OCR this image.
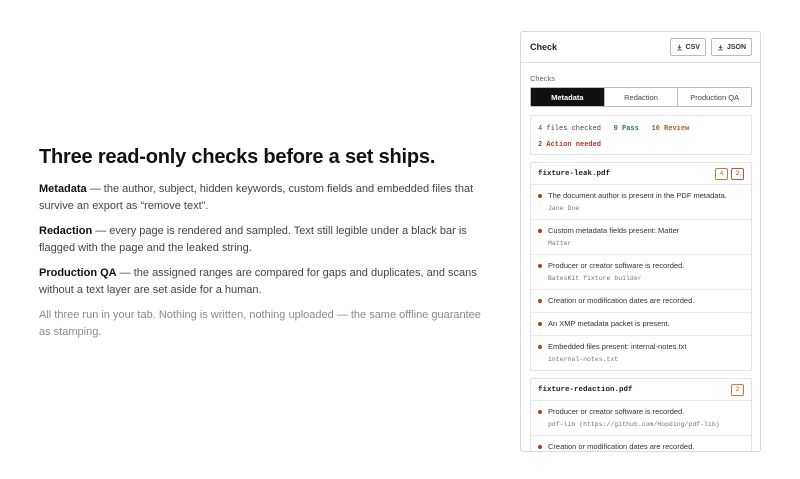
Three read-only checks before a set ships.

Metadata — the author, subject, hidden keywords, custom fields and embedded files that survive an export as “remove text”.

Redaction — every page is rendered and sampled. Text still legible under a black bar is flagged with the page and the leaked string.

Production QA — the assigned ranges are compared for gaps and duplicates, and scans without a text layer are set aside for a human.

All three run in your tab. Nothing is written, nothing uploaded — the same offline guarantee as stamping.

Check	CSV	JSON
Checks
Metadata	Redaction	Production QA
4 files checked 0 Pass 10 Review
2 Action needed
fixture-leak.pdf	4	2
The document author is present in the PDF metadata.
Jane Doe
Custom metadata fields present: Matter
Matter
Producer or creator software is recorded.
BatesKit fixture builder
Creation or modification dates are recorded.
An XMP metadata packet is present.
Embedded files present: internal-notes.txt
internal-notes.txt
fixture-redaction.pdf	2
Producer or creator software is recorded.
pdf-lib (https://github.com/Hopding/pdf-lib)
Creation or modification dates are recorded.
